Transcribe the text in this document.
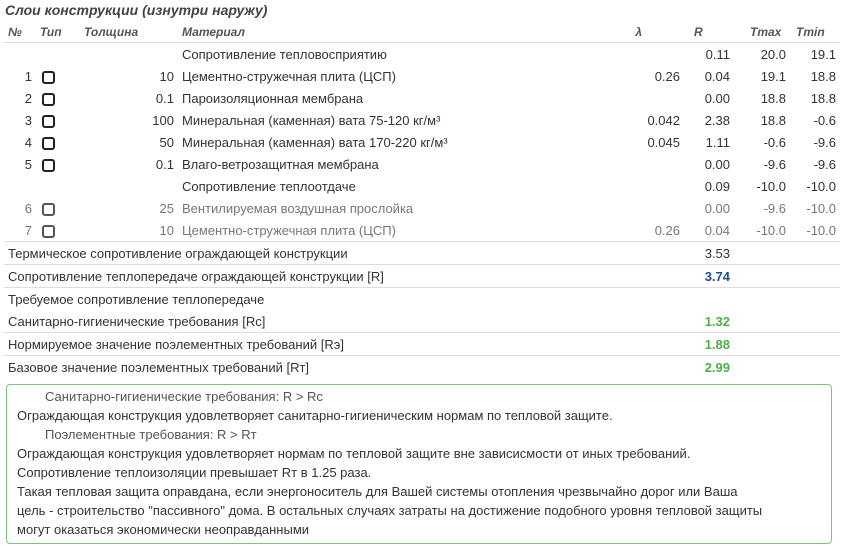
Слои конструкции (изнутри наружу)
№	Тип	Толщина	Материал	λ	R	Tmax	Tmin
			Сопротивление тепловосприятию		0.11	20.0	19.1
1		10	Цементно-стружечная плита (ЦСП)	0.26	0.04	19.1	18.8
2		0.1	Пароизоляционная мембрана		0.00	18.8	18.8
3		100	Минеральная (каменная) вата 75-120 кг/м³	0.042	2.38	18.8	-0.6
4		50	Минеральная (каменная) вата 170-220 кг/м³	0.045	1.11	-0.6	-9.6
5		0.1	Влаго-ветрозащитная мембрана		0.00	-9.6	-9.6
			Сопротивление теплоотдаче		0.09	-10.0	-10.0
6		25	Вентилируемая воздушная прослойка		0.00	-9.6	-10.0
7		10	Цементно-стружечная плита (ЦСП)	0.26	0.04	-10.0	-10.0
Термическое сопротивление ограждающей конструкции					3.53		
Сопротивление теплопередаче ограждающей конструкции [R]					3.74		
Требуемое сопротивление теплопередаче							
Санитарно-гигиенические требования [Rc]					1.32		
Нормируемое значение поэлементных требований [Rэ]					1.88		
Базовое значение поэлементных требований [Rт]					2.99		
Санитарно-гигиенические требования: R > Rc
Ограждающая конструкция удовлетворяет санитарно-гигиеническим нормам по тепловой защите.
Поэлементные требования: R > Rт
Ограждающая конструкция удовлетворяет нормам по тепловой защите вне зависисмости от иных требований.
Сопротивление теплоизоляции превышает Rт в 1.25 раза.
Такая тепловая защита оправдана, если энергоноситель для Вашей системы отопления чрезвычайно дорог или Ваша
цель - строительство "пассивного" дома. В остальных случаях затраты на достижение подобного уровня тепловой защиты
могут оказаться экономически неоправданными
